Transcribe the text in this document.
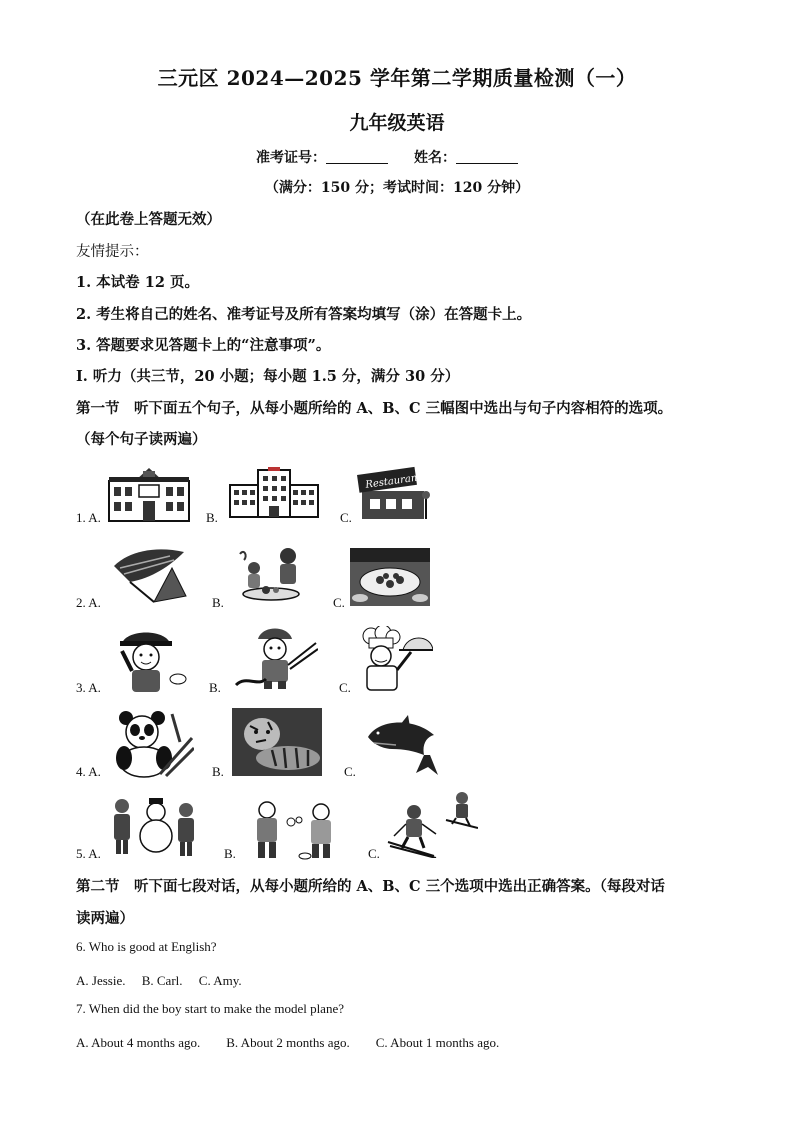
三元区 2024—2025 学年第二学期质量检测（一）
九年级英语
准考证号：	姓名：
（满分：150 分；考试时间：120 分钟）
（在此卷上答题无效）
友情提示：
1. 本试卷 12 页。
2. 考生将自己的姓名、准考证号及所有答案均填写（涂）在答题卡上。
3. 答题要求见答题卡上的“注意事项”。
Ⅰ. 听力（共三节，20 小题；每小题 1.5 分，满分 30 分）
第一节　听下面五个句子，从每小题所给的 A、B、C 三幅图中选出与句子内容相符的选项。
（每个句子读两遍）
1. A.	B.	C.
Restaurant
2. A.	B.	C.
3. A.	B.	C.
4. A.	B.	C.
5. A.	B.	C.
第二节　听下面七段对话，从每小题所给的 A、B、C 三个选项中选出正确答案。（每段对话
读两遍）
6. Who is good at English?
A. Jessie.　 B. Carl.　 C. Amy.
7. When did the boy start to make the model plane?
A. About 4 months ago.　　B. About 2 months ago.　　C. About 1 months ago.
